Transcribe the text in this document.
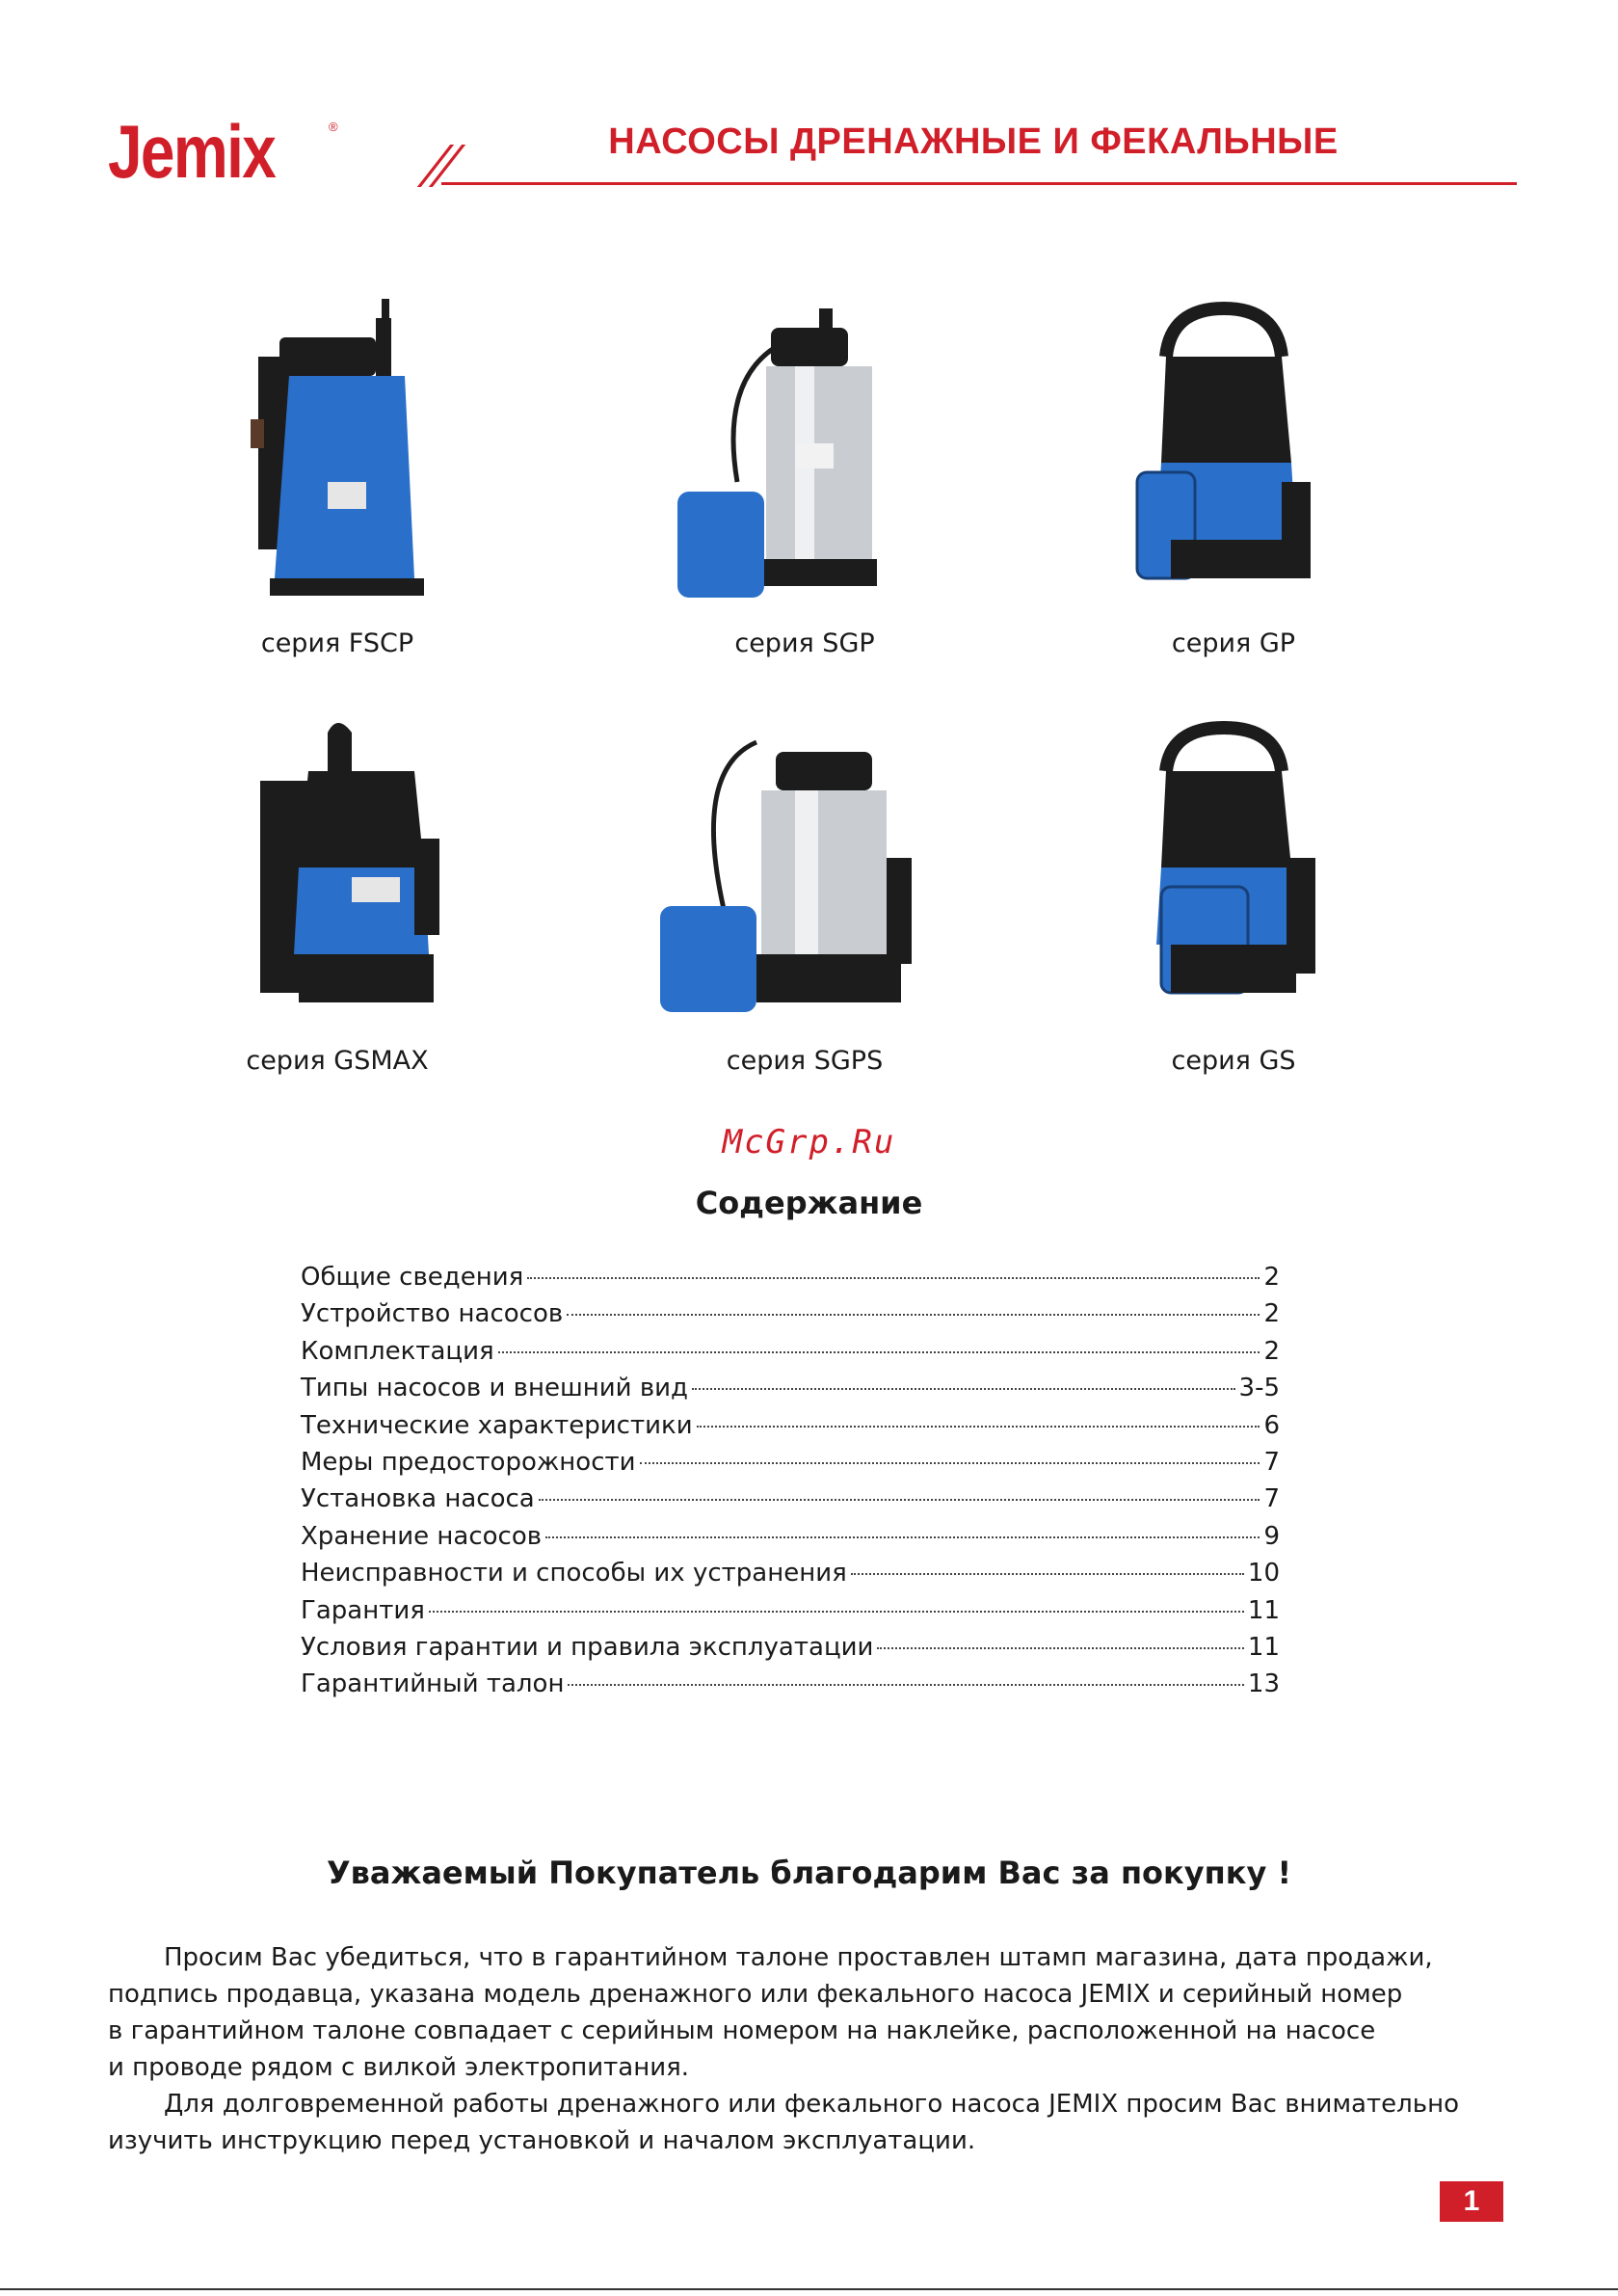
Jemix	®	НАСОСЫ ДРЕНАЖНЫЕ И ФЕКАЛЬНЫЕ
серия FSCP	серия SGP	серия GP
серия GSMAX	серия SGPS	серия GS
McGrp.Ru
Содержание
Общие сведения	2
Устройство насосов	2
Комплектация	2
Типы насосов и внешний вид	3-5
Технические характеристики	6
Меры предосторожности	7
Установка насоса	7
Хранение насосов	9
Неисправности и способы их устранения	10
Гарантия	11
Условия гарантии и правила эксплуатации	11
Гарантийный талон	13
Уважаемый Покупатель благодарим Вас за покупку !
Просим Вас убедиться, что в гарантийном талоне проставлен штамп магазина, дата продажи,
подпись продавца, указана модель дренажного или фекального насоса JEMIX и серийный номер
в гарантийном талоне совпадает с серийным номером на наклейке, расположенной на насосе
и проводе рядом с вилкой электропитания.
Для долговременной работы дренажного или фекального насоса JEMIX просим Вас внимательно
изучить инструкцию перед установкой и началом эксплуатации.
1
